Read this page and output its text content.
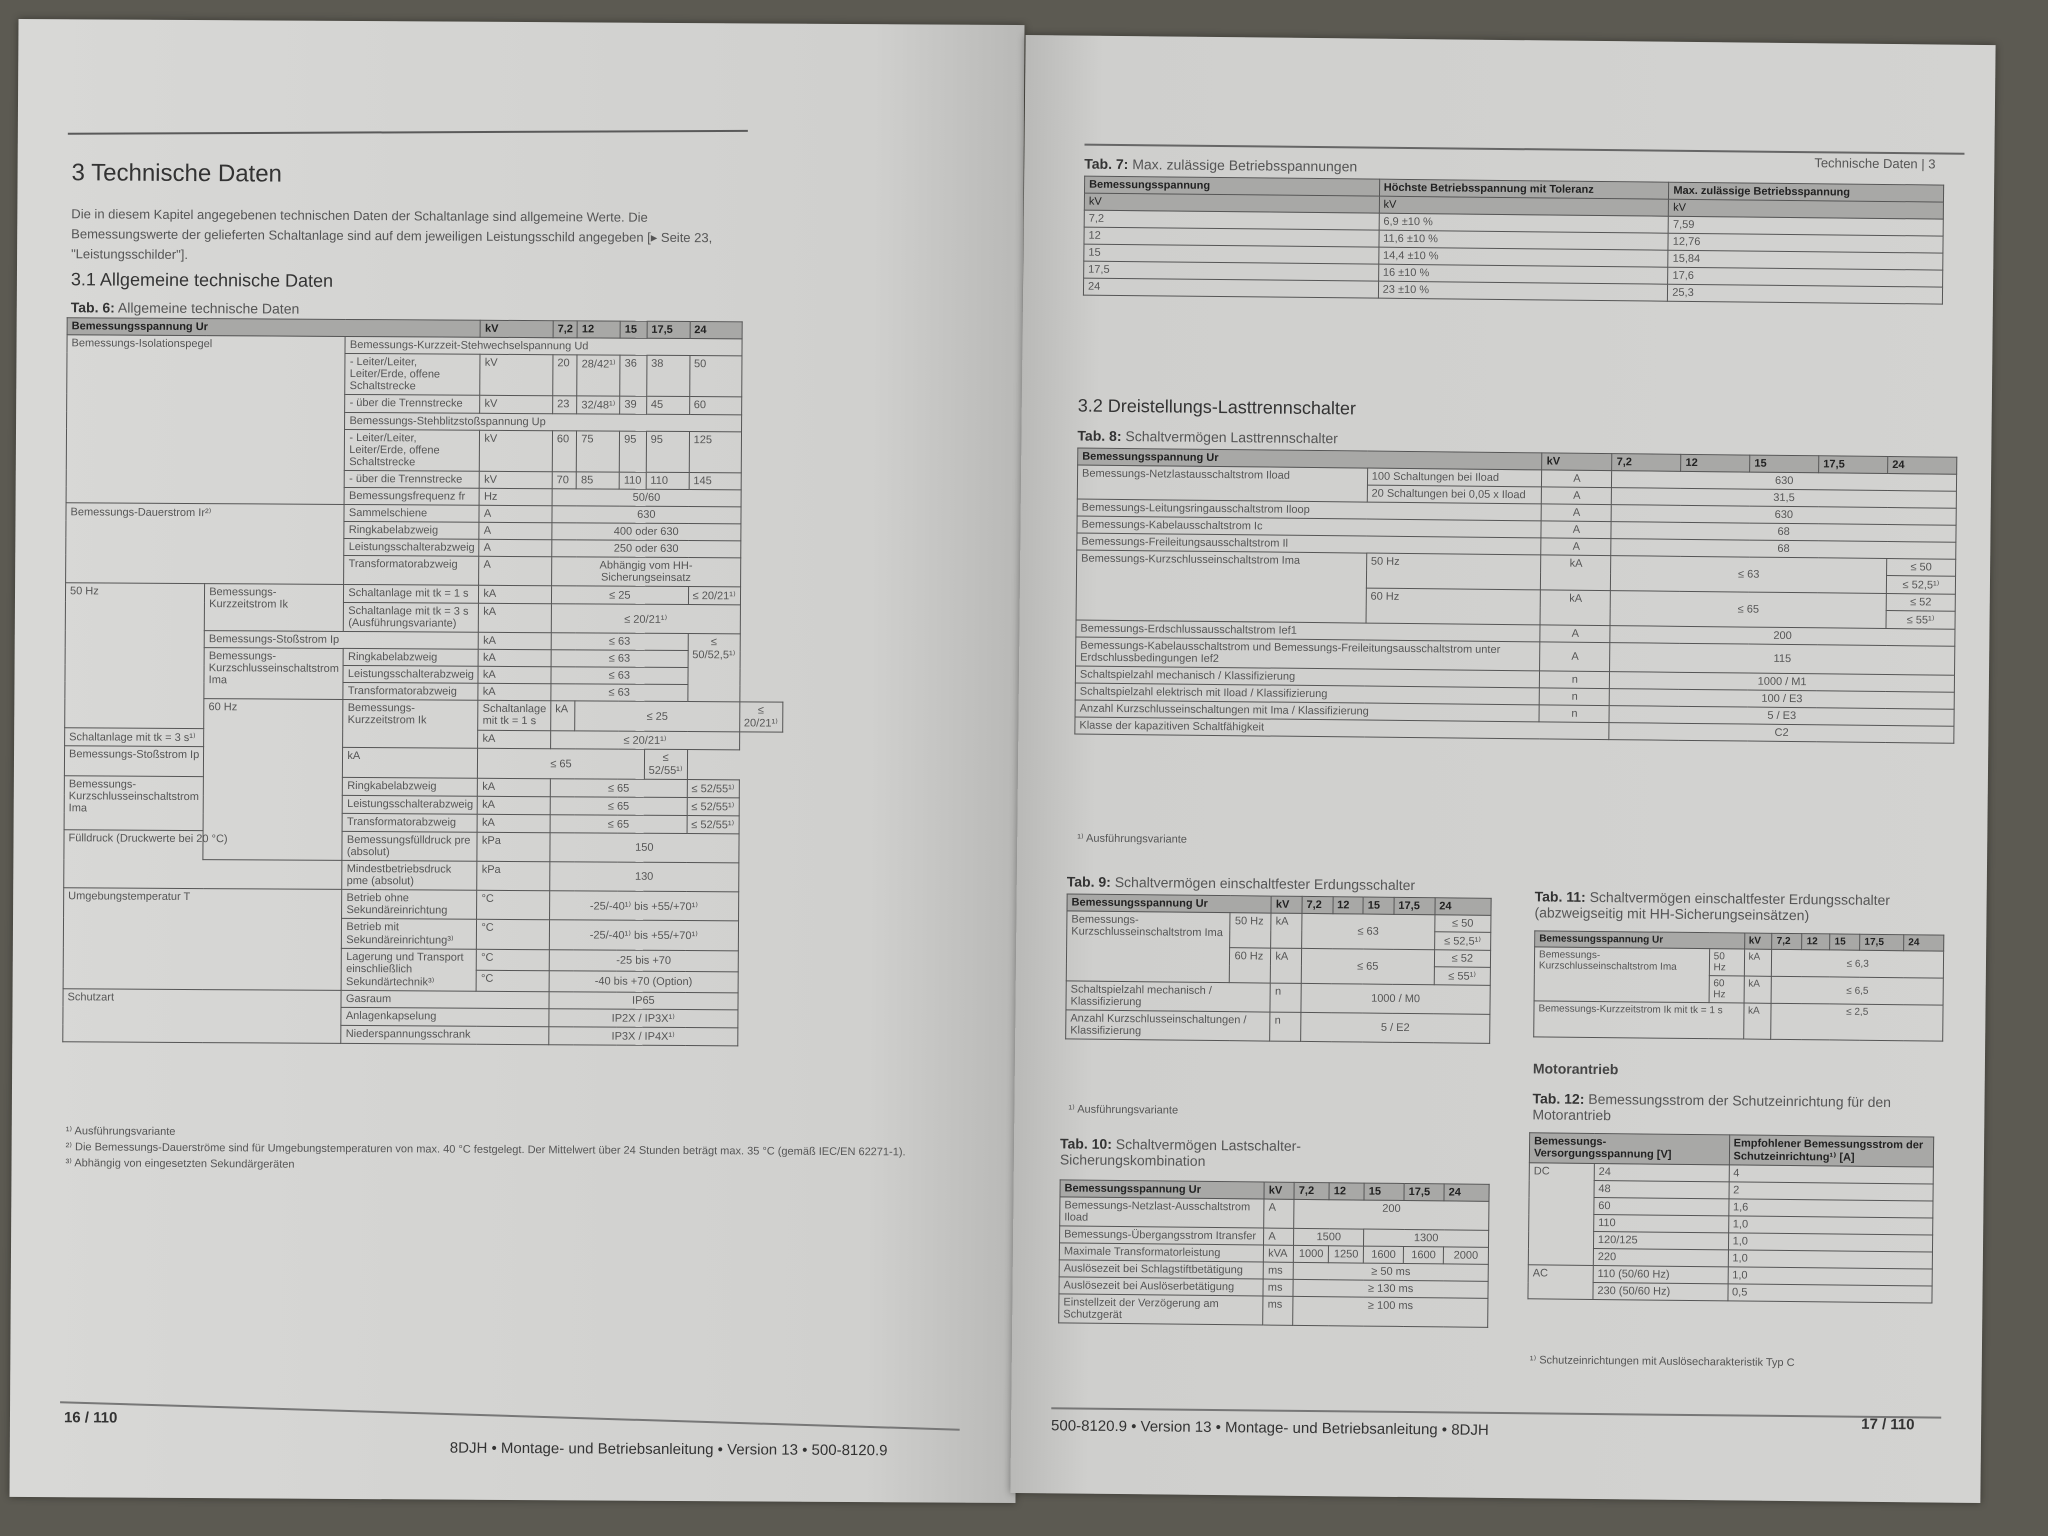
3 Technische Daten
Die in diesem Kapitel angegebenen technischen Daten der Schaltanlage sind allgemeine Werte. Die Bemessungswerte der gelieferten Schaltanlage sind auf dem jeweiligen Leistungsschild angegeben [▸ Seite 23, "Leistungsschilder"].
3.1 Allgemeine technische Daten
Tab. 6: Allgemeine technische Daten
Bemessungsspannung Ur			kV	7,2	12	15	17,5	24	
Bemessungs-Isolationspegel		Bemessungs-Kurzzeit-Stehwechselspannung Ud							
		- Leiter/Leiter, Leiter/Erde, offene Schaltstrecke	kV	20	28/42¹⁾	36	38	50	
		- über die Trennstrecke	kV	23	32/48¹⁾	39	45	60	
		Bemessungs-Stehblitzstoßspannung Up							
		- Leiter/Leiter, Leiter/Erde, offene Schaltstrecke	kV	60	75	95	95	125	
		- über die Trennstrecke	kV	70	85	110	110	145	
		Bemessungsfrequenz fr	Hz	50/60					
Bemessungs-Dauerstrom Ir²⁾		Sammelschiene	A	630					
		Ringkabelabzweig	A	400 oder 630					
		Leistungsschalterabzweig	A	250 oder 630					
		Transformatorabzweig	A	Abhängig vom HH-Sicherungseinsatz					
50 Hz	Bemessungs-Kurzzeitstrom Ik	Schaltanlage mit tk = 1 s	kA	≤ 25				≤ 20/21¹⁾	
		Schaltanlage mit tk = 3 s (Ausführungsvariante)	kA	≤ 20/21¹⁾					
	Bemessungs-Stoßstrom Ip		kA	≤ 63				≤ 50/52,5¹⁾	
	Bemessungs-Kurzschlusseinschaltstrom Ima	Ringkabelabzweig	kA	≤ 63					
		Leistungsschalterabzweig	kA	≤ 63					
		Transformatorabzweig	kA	≤ 63					
	60 Hz	Bemessungs-Kurzzeitstrom Ik	Schaltanlage mit tk = 1 s	kA	≤ 25				≤ 20/21¹⁾
Schaltanlage mit tk = 3 s¹⁾			kA	≤ 20/21¹⁾					
Bemessungs-Stoßstrom Ip		kA	≤ 65				≤ 52/55¹⁾		
Bemessungs-Kurzschlusseinschaltstrom Ima		Ringkabelabzweig	kA	≤ 65				≤ 52/55¹⁾	
		Leistungsschalterabzweig	kA	≤ 65				≤ 52/55¹⁾	
		Transformatorabzweig	kA	≤ 65				≤ 52/55¹⁾	
Fülldruck (Druckwerte bei 20 °C)		Bemessungsfülldruck pre (absolut)	kPa	150					
		Mindestbetriebsdruck pme (absolut)	kPa	130					
Umgebungstemperatur T		Betrieb ohne Sekundäreinrichtung	°C	-25/-40¹⁾ bis +55/+70¹⁾					
		Betrieb mit Sekundäreinrichtung³⁾	°C	-25/-40¹⁾ bis +55/+70¹⁾					
		Lagerung und Transport einschließlich Sekundärtechnik³⁾	°C	-25 bis +70					
			°C	-40 bis +70 (Option)					
Schutzart		Gasraum		IP65					
		Anlagenkapselung		IP2X / IP3X¹⁾					
		Niederspannungsschrank		IP3X / IP4X¹⁾					
¹⁾ Ausführungsvariante
²⁾ Die Bemessungs-Dauerströme sind für Umgebungstemperaturen von max. 40 °C festgelegt. Der Mittelwert über 24 Stunden beträgt max. 35 °C (gemäß IEC/EN 62271-1).
³⁾ Abhängig von eingesetzten Sekundärgeräten
16 / 110
8DJH • Montage- und Betriebsanleitung • Version 13 • 500-8120.9
Technische Daten | 3
Tab. 7: Max. zulässige Betriebsspannungen
Bemessungsspannung	Höchste Betriebsspannung mit Toleranz	Max. zulässige Betriebsspannung
kV	kV	kV
7,2	6,9 ±10 %	7,59
12	11,6 ±10 %	12,76
15	14,4 ±10 %	15,84
17,5	16 ±10 %	17,6
24	23 ±10 %	25,3
3.2 Dreistellungs-Lasttrennschalter
Tab. 8: Schaltvermögen Lasttrennschalter
Bemessungsspannung Ur		kV	7,2	12	15	17,5	24
Bemessungs-Netzlastausschaltstrom Iload	100 Schaltungen bei Iload	A	630				
	20 Schaltungen bei 0,05 x Iload	A	31,5				
Bemessungs-Leitungsringausschaltstrom Iloop		A	630				
Bemessungs-Kabelausschaltstrom Ic		A	68				
Bemessungs-Freileitungsausschaltstrom Il		A	68				
Bemessungs-Kurzschlusseinschaltstrom Ima	50 Hz	kA	≤ 63				≤ 50
							≤ 52,5¹⁾
	60 Hz	kA	≤ 65				≤ 52
							≤ 55¹⁾
Bemessungs-Erdschlussausschaltstrom Ief1		A	200				
Bemessungs-Kabelausschaltstrom und Bemessungs-Freileitungsausschaltstrom unter Erdschlussbedingungen Ief2		A	115				
Schaltspielzahl mechanisch / Klassifizierung		n	1000 / M1				
Schaltspielzahl elektrisch mit Iload / Klassifizierung		n	100 / E3				
Anzahl Kurzschlusseinschaltungen mit Ima / Klassifizierung		n	5 / E3				
Klasse der kapazitiven Schaltfähigkeit			C2				
¹⁾ Ausführungsvariante
Tab. 9: Schaltvermögen einschaltfester Erdungsschalter
Bemessungsspannung Ur		kV	7,2	12	15	17,5	24
Bemessungs-Kurzschlusseinschaltstrom Ima	50 Hz	kA	≤ 63				≤ 50
							≤ 52,5¹⁾
	60 Hz	kA	≤ 65				≤ 52
							≤ 55¹⁾
Schaltspielzahl mechanisch / Klassifizierung		n	1000 / M0				
Anzahl Kurzschlusseinschaltungen / Klassifizierung		n	5 / E2				
¹⁾ Ausführungsvariante
Tab. 10: Schaltvermögen Lastschalter-Sicherungskombination
Bemessungsspannung Ur	kV	7,2	12	15	17,5	24
Bemessungs-Netzlast-Ausschaltstrom Iload	A	200				
Bemessungs-Übergangsstrom Itransfer	A	1500		1300		
Maximale Transformatorleistung	kVA	1000	1250	1600	1600	2000
Auslösezeit bei Schlagstiftbetätigung	ms	≥ 50 ms				
Auslösezeit bei Auslöserbetätigung	ms	≥ 130 ms				
Einstellzeit der Verzögerung am Schutzgerät	ms	≥ 100 ms				
Tab. 11: Schaltvermögen einschaltfester Erdungsschalter (abzweigseitig mit HH-Sicherungseinsätzen)
Bemessungsspannung Ur		kV	7,2	12	15	17,5	24
Bemessungs-Kurzschlusseinschaltstrom Ima	50 Hz	kA	≤ 6,3				
	60 Hz	kA	≤ 6,5				
Bemessungs-Kurzzeitstrom Ik mit tk = 1 s		kA	≤ 2,5				
Motorantrieb
Tab. 12: Bemessungsstrom der Schutzeinrichtung für den Motorantrieb
Bemessungs-Versorgungsspannung [V]		Empfohlener Bemessungsstrom der Schutzeinrichtung¹⁾ [A]
DC	24	4
	48	2
	60	1,6
	110	1,0
	120/125	1,0
	220	1,0
AC	110 (50/60 Hz)	1,0
	230 (50/60 Hz)	0,5
¹⁾ Schutzeinrichtungen mit Auslösecharakteristik Typ C
500-8120.9 • Version 13 • Montage- und Betriebsanleitung • 8DJH	17 / 110
